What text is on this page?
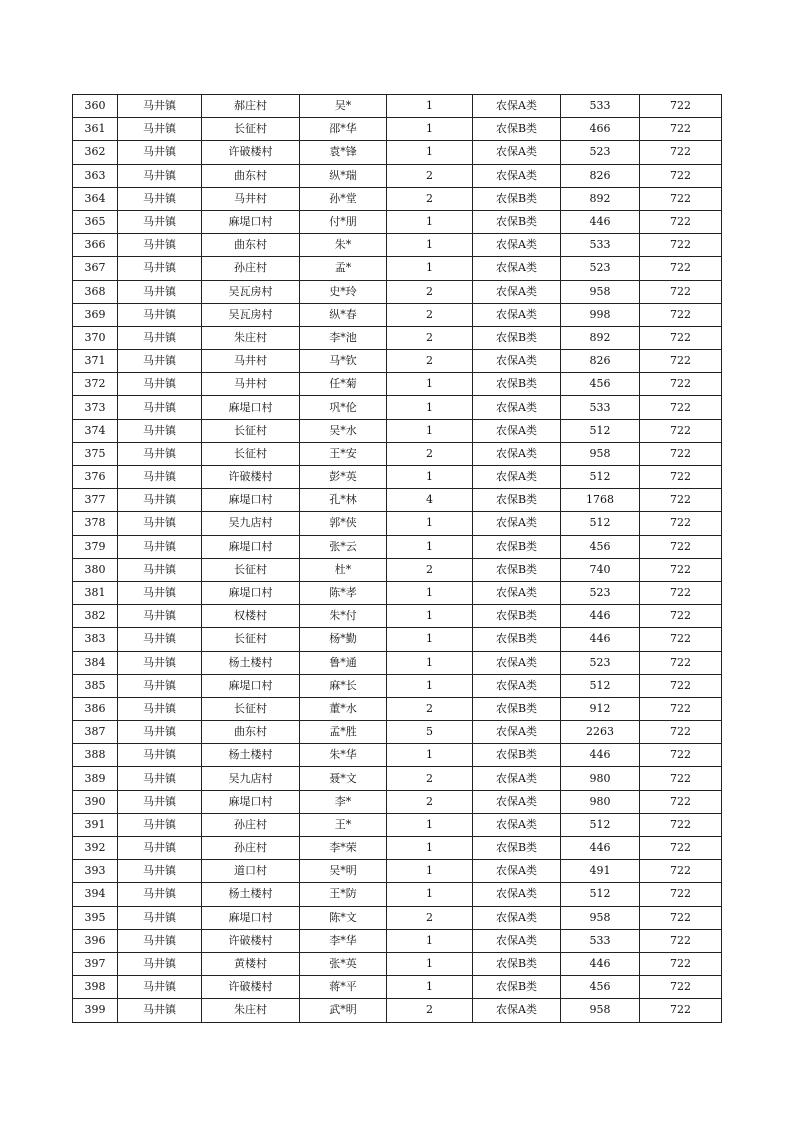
360	马井镇	郝庄村	吴*	1	农保A类	533	722
361	马井镇	长征村	邵*华	1	农保B类	466	722
362	马井镇	许破楼村	袁*锋	1	农保A类	523	722
363	马井镇	曲东村	纵*瑞	2	农保A类	826	722
364	马井镇	马井村	孙*堂	2	农保B类	892	722
365	马井镇	麻堤口村	付*朋	1	农保B类	446	722
366	马井镇	曲东村	朱*	1	农保A类	533	722
367	马井镇	孙庄村	孟*	1	农保A类	523	722
368	马井镇	吴瓦房村	史*玲	2	农保A类	958	722
369	马井镇	吴瓦房村	纵*春	2	农保A类	998	722
370	马井镇	朱庄村	李*池	2	农保B类	892	722
371	马井镇	马井村	马*钦	2	农保A类	826	722
372	马井镇	马井村	任*菊	1	农保B类	456	722
373	马井镇	麻堤口村	巩*伦	1	农保A类	533	722
374	马井镇	长征村	吴*水	1	农保A类	512	722
375	马井镇	长征村	王*安	2	农保A类	958	722
376	马井镇	许破楼村	彭*英	1	农保A类	512	722
377	马井镇	麻堤口村	孔*林	4	农保B类	1768	722
378	马井镇	吴九店村	郭*侠	1	农保A类	512	722
379	马井镇	麻堤口村	张*云	1	农保B类	456	722
380	马井镇	长征村	杜*	2	农保B类	740	722
381	马井镇	麻堤口村	陈*孝	1	农保A类	523	722
382	马井镇	权楼村	朱*付	1	农保B类	446	722
383	马井镇	长征村	杨*勤	1	农保B类	446	722
384	马井镇	杨土楼村	鲁*通	1	农保A类	523	722
385	马井镇	麻堤口村	麻*长	1	农保A类	512	722
386	马井镇	长征村	董*水	2	农保B类	912	722
387	马井镇	曲东村	孟*胜	5	农保A类	2263	722
388	马井镇	杨土楼村	朱*华	1	农保B类	446	722
389	马井镇	吴九店村	聂*文	2	农保A类	980	722
390	马井镇	麻堤口村	李*	2	农保A类	980	722
391	马井镇	孙庄村	王*	1	农保A类	512	722
392	马井镇	孙庄村	李*荣	1	农保B类	446	722
393	马井镇	道口村	吴*明	1	农保A类	491	722
394	马井镇	杨土楼村	王*防	1	农保A类	512	722
395	马井镇	麻堤口村	陈*文	2	农保A类	958	722
396	马井镇	许破楼村	李*华	1	农保A类	533	722
397	马井镇	黄楼村	张*英	1	农保B类	446	722
398	马井镇	许破楼村	蒋*平	1	农保B类	456	722
399	马井镇	朱庄村	武*明	2	农保A类	958	722
